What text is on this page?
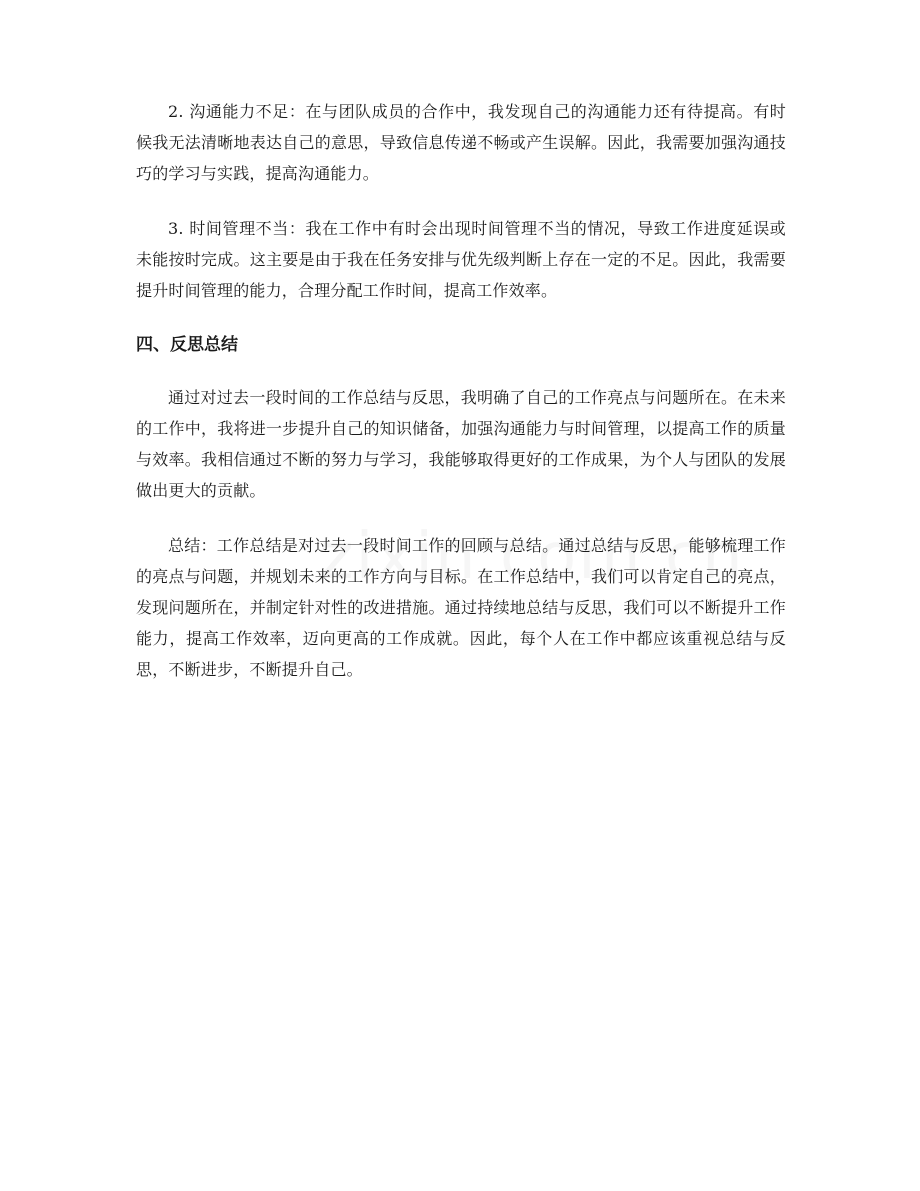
2. 沟通能力不足：在与团队成员的合作中，我发现自己的沟通能力还有待提高。有时候我无法清晰地表达自己的意思，导致信息传递不畅或产生误解。因此，我需要加强沟通技巧的学习与实践，提高沟通能力。

3. 时间管理不当：我在工作中有时会出现时间管理不当的情况，导致工作进度延误或未能按时完成。这主要是由于我在任务安排与优先级判断上存在一定的不足。因此，我需要提升时间管理的能力，合理分配工作时间，提高工作效率。

四、反思总结

通过对过去一段时间的工作总结与反思，我明确了自己的工作亮点与问题所在。在未来的工作中，我将进一步提升自己的知识储备，加强沟通能力与时间管理，以提高工作的质量与效率。我相信通过不断的努力与学习，我能够取得更好的工作成果，为个人与团队的发展做出更大的贡献。

总结：工作总结是对过去一段时间工作的回顾与总结。通过总结与反思，能够梳理工作的亮点与问题，并规划未来的工作方向与目标。在工作总结中，我们可以肯定自己的亮点，发现问题所在，并制定针对性的改进措施。通过持续地总结与反思，我们可以不断提升工作能力，提高工作效率，迈向更高的工作成就。因此，每个人在工作中都应该重视总结与反思，不断进步，不断提升自己。
